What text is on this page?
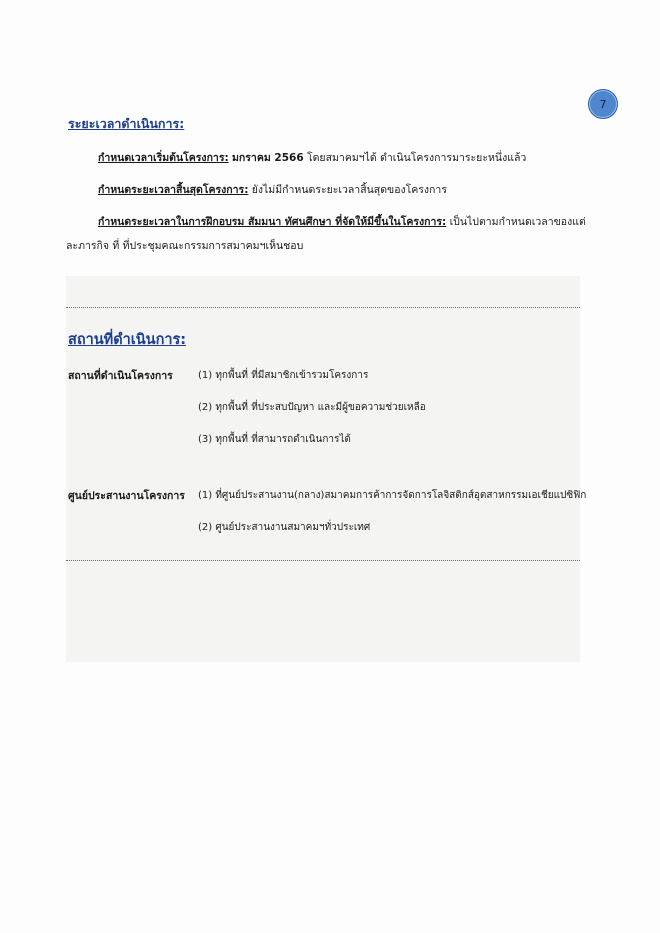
7
ระยะเวลาดำเนินการ:
กำหนดเวลาเริ่มต้นโครงการ: มกราคม 2566 โดยสมาคมฯได้ ดำเนินโครงการมาระยะหนึ่งแล้ว
กำหนดระยะเวลาสิ้นสุดโครงการ: ยังไม่มีกำหนดระยะเวลาสิ้นสุดของโครงการ
กำหนดระยะเวลาในการฝึกอบรม สัมมนา ทัศนศึกษา ที่จัดให้มีขึ้นในโครงการ: เป็นไปตามกำหนดเวลาของแต่
ละภารกิจ ที่ ที่ประชุมคณะกรรมการสมาคมฯเห็นชอบ
สถานที่ดำเนินการ:
สถานที่ดำเนินโครงการ	(1) ทุกพื้นที่ ที่มีสมาชิกเข้ารวมโครงการ
(2) ทุกพื้นที่ ที่ประสบปัญหา และมีผู้ขอความช่วยเหลือ
(3) ทุกพื้นที่ ที่สามารถดำเนินการได้
ศูนย์ประสานงานโครงการ (1) ที่ศูนย์ประสานงาน(กลาง)สมาคมการค้าการจัดการโลจิสติกส์อุตสาหกรรมเอเชียแปซิฟิก
(2) ศูนย์ประสานงานสมาคมฯทั่วประเทศ
